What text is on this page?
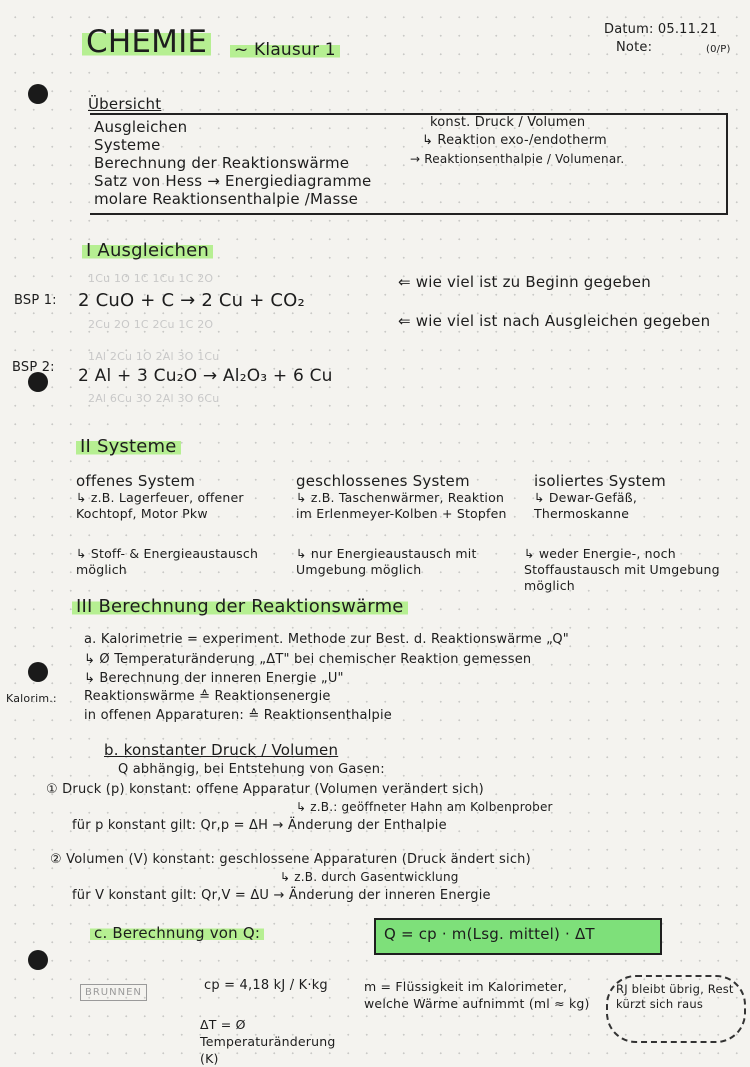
CHEMIE ~ Klausur 1
Datum: 05.11.21
Note:	(0/P)
Übersicht
Ausgleichen
Systeme
Berechnung der Reaktionswärme
Satz von Hess → Energiediagramme
molare Reaktionsenthalpie /Masse
konst. Druck / Volumen
↳ Reaktion exo-/endotherm
→ Reaktionsenthalpie / Volumenar.
I Ausgleichen
1Cu 1O 1C 1Cu 1C 2O
BSP 1: 2 CuO + C → 2 Cu + CO₂
2Cu 2O 1C 2Cu 1C 2O
⇐ wie viel ist zu Beginn gegeben
⇐ wie viel ist nach Ausgleichen gegeben
1Al 2Cu 1O 2Al 3O 1Cu
BSP 2: 2 Al + 3 Cu₂O → Al₂O₃ + 6 Cu
2Al 6Cu 3O 2Al 3O 6Cu
II Systeme
offenes System
↳ z.B. Lagerfeuer, offener Kochtopf, Motor Pkw
↳ Stoff- & Energieaustausch möglich
geschlossenes System
↳ z.B. Taschenwärmer, Reaktion im Erlenmeyer-Kolben + Stopfen
↳ nur Energieaustausch mit Umgebung möglich
isoliertes System
↳ Dewar-Gefäß, Thermoskanne
↳ weder Energie-, noch Stoffaustausch mit Umgebung möglich
III Berechnung der Reaktionswärme
a. Kalorimetrie = experiment. Methode zur Best. d. Reaktionswärme „Q"
↳ Ø Temperaturänderung „ΔT" bei chemischer Reaktion gemessen
↳ Berechnung der inneren Energie „U"
Kalorim.: Reaktionswärme ≙ Reaktionsenergie
in offenen Apparaturen: ≙ Reaktionsenthalpie
b. konstanter Druck / Volumen
Q abhängig, bei Entstehung von Gasen:
① Druck (p) konstant: offene Apparatur (Volumen verändert sich)
↳ z.B.: geöffneter Hahn am Kolbenprober
für p konstant gilt: Qr,p = ΔH → Änderung der Enthalpie
② Volumen (V) konstant: geschlossene Apparaturen (Druck ändert sich)
↳ z.B. durch Gasentwicklung
für V konstant gilt: Qr,V = ΔU → Änderung der inneren Energie
c. Berechnung von Q:	Q = cp · m(Lsg. mittel) · ΔT
BRUNNEN	cp = 4,18 kJ / K·kg
ΔT = Ø Temperaturänderung (K)
m = Flüssigkeit im Kalorimeter, welche Wärme aufnimmt (ml ≈ kg)
RJ bleibt übrig, Rest kürzt sich raus
